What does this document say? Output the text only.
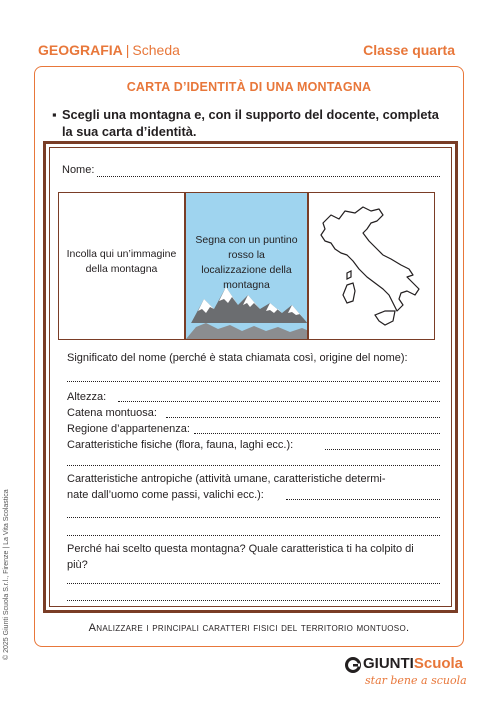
GEOGRAFIA | Scheda	Classe quarta
CARTA D’IDENTITÀ DI UNA MONTAGNA
▪ Scegli una montagna e, con il supporto del docente, completa la sua carta d’identità.
Nome:
Incolla qui un’immagine della montagna
Segna con un puntino rosso la localizzazione della montagna
Significato del nome (perché è stata chiamata così, origine del nome):
Altezza:
Catena montuosa:
Regione d’appartenenza:
Caratteristiche fisiche (flora, fauna, laghi ecc.):
Caratteristiche antropiche (attività umane, caratteristiche determi-
nate dall’uomo come passi, valichi ecc.):
Perché hai scelto questa montagna? Quale caratteristica ti ha colpito di
più?
Analizzare i principali caratteri fisici del territorio montuoso.
© 2025 Giunti Scuola S.r.l., Firenze | La Vita Scolastica
GIUNTIScuola
star bene a scuola
